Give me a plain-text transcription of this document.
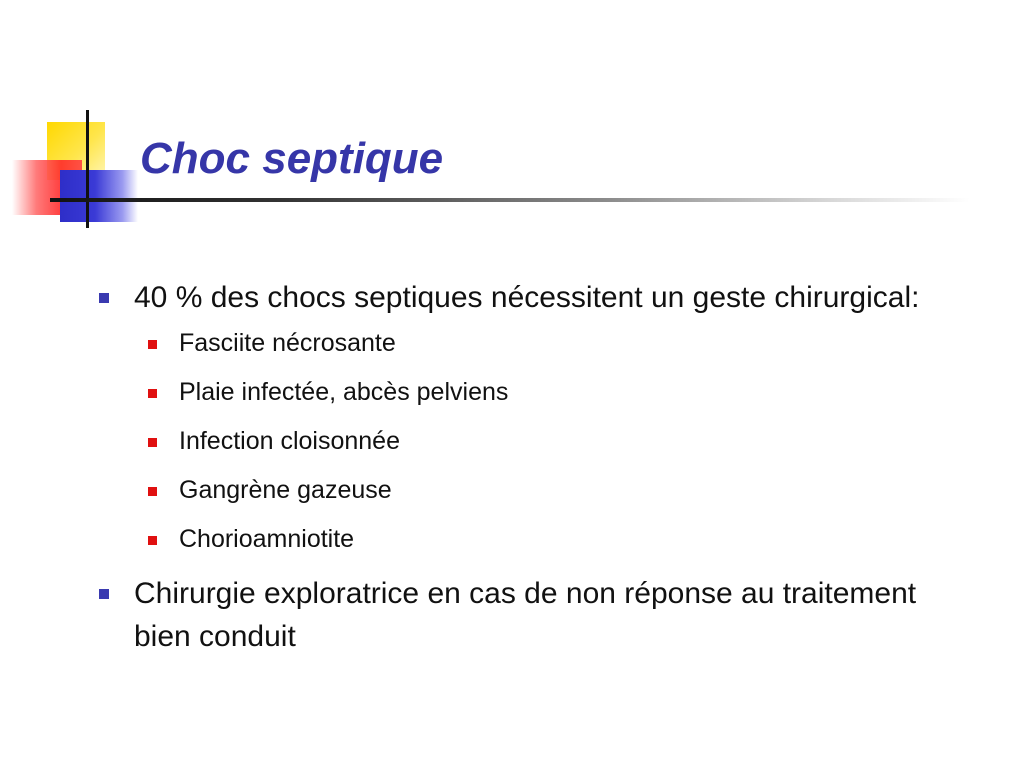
Choc septique
40 % des chocs septiques nécessitent un geste chirurgical:
Fasciite nécrosante
Plaie infectée, abcès pelviens
Infection cloisonnée
Gangrène gazeuse
Chorioamniotite
Chirurgie exploratrice en cas de non réponse au traitement bien conduit
